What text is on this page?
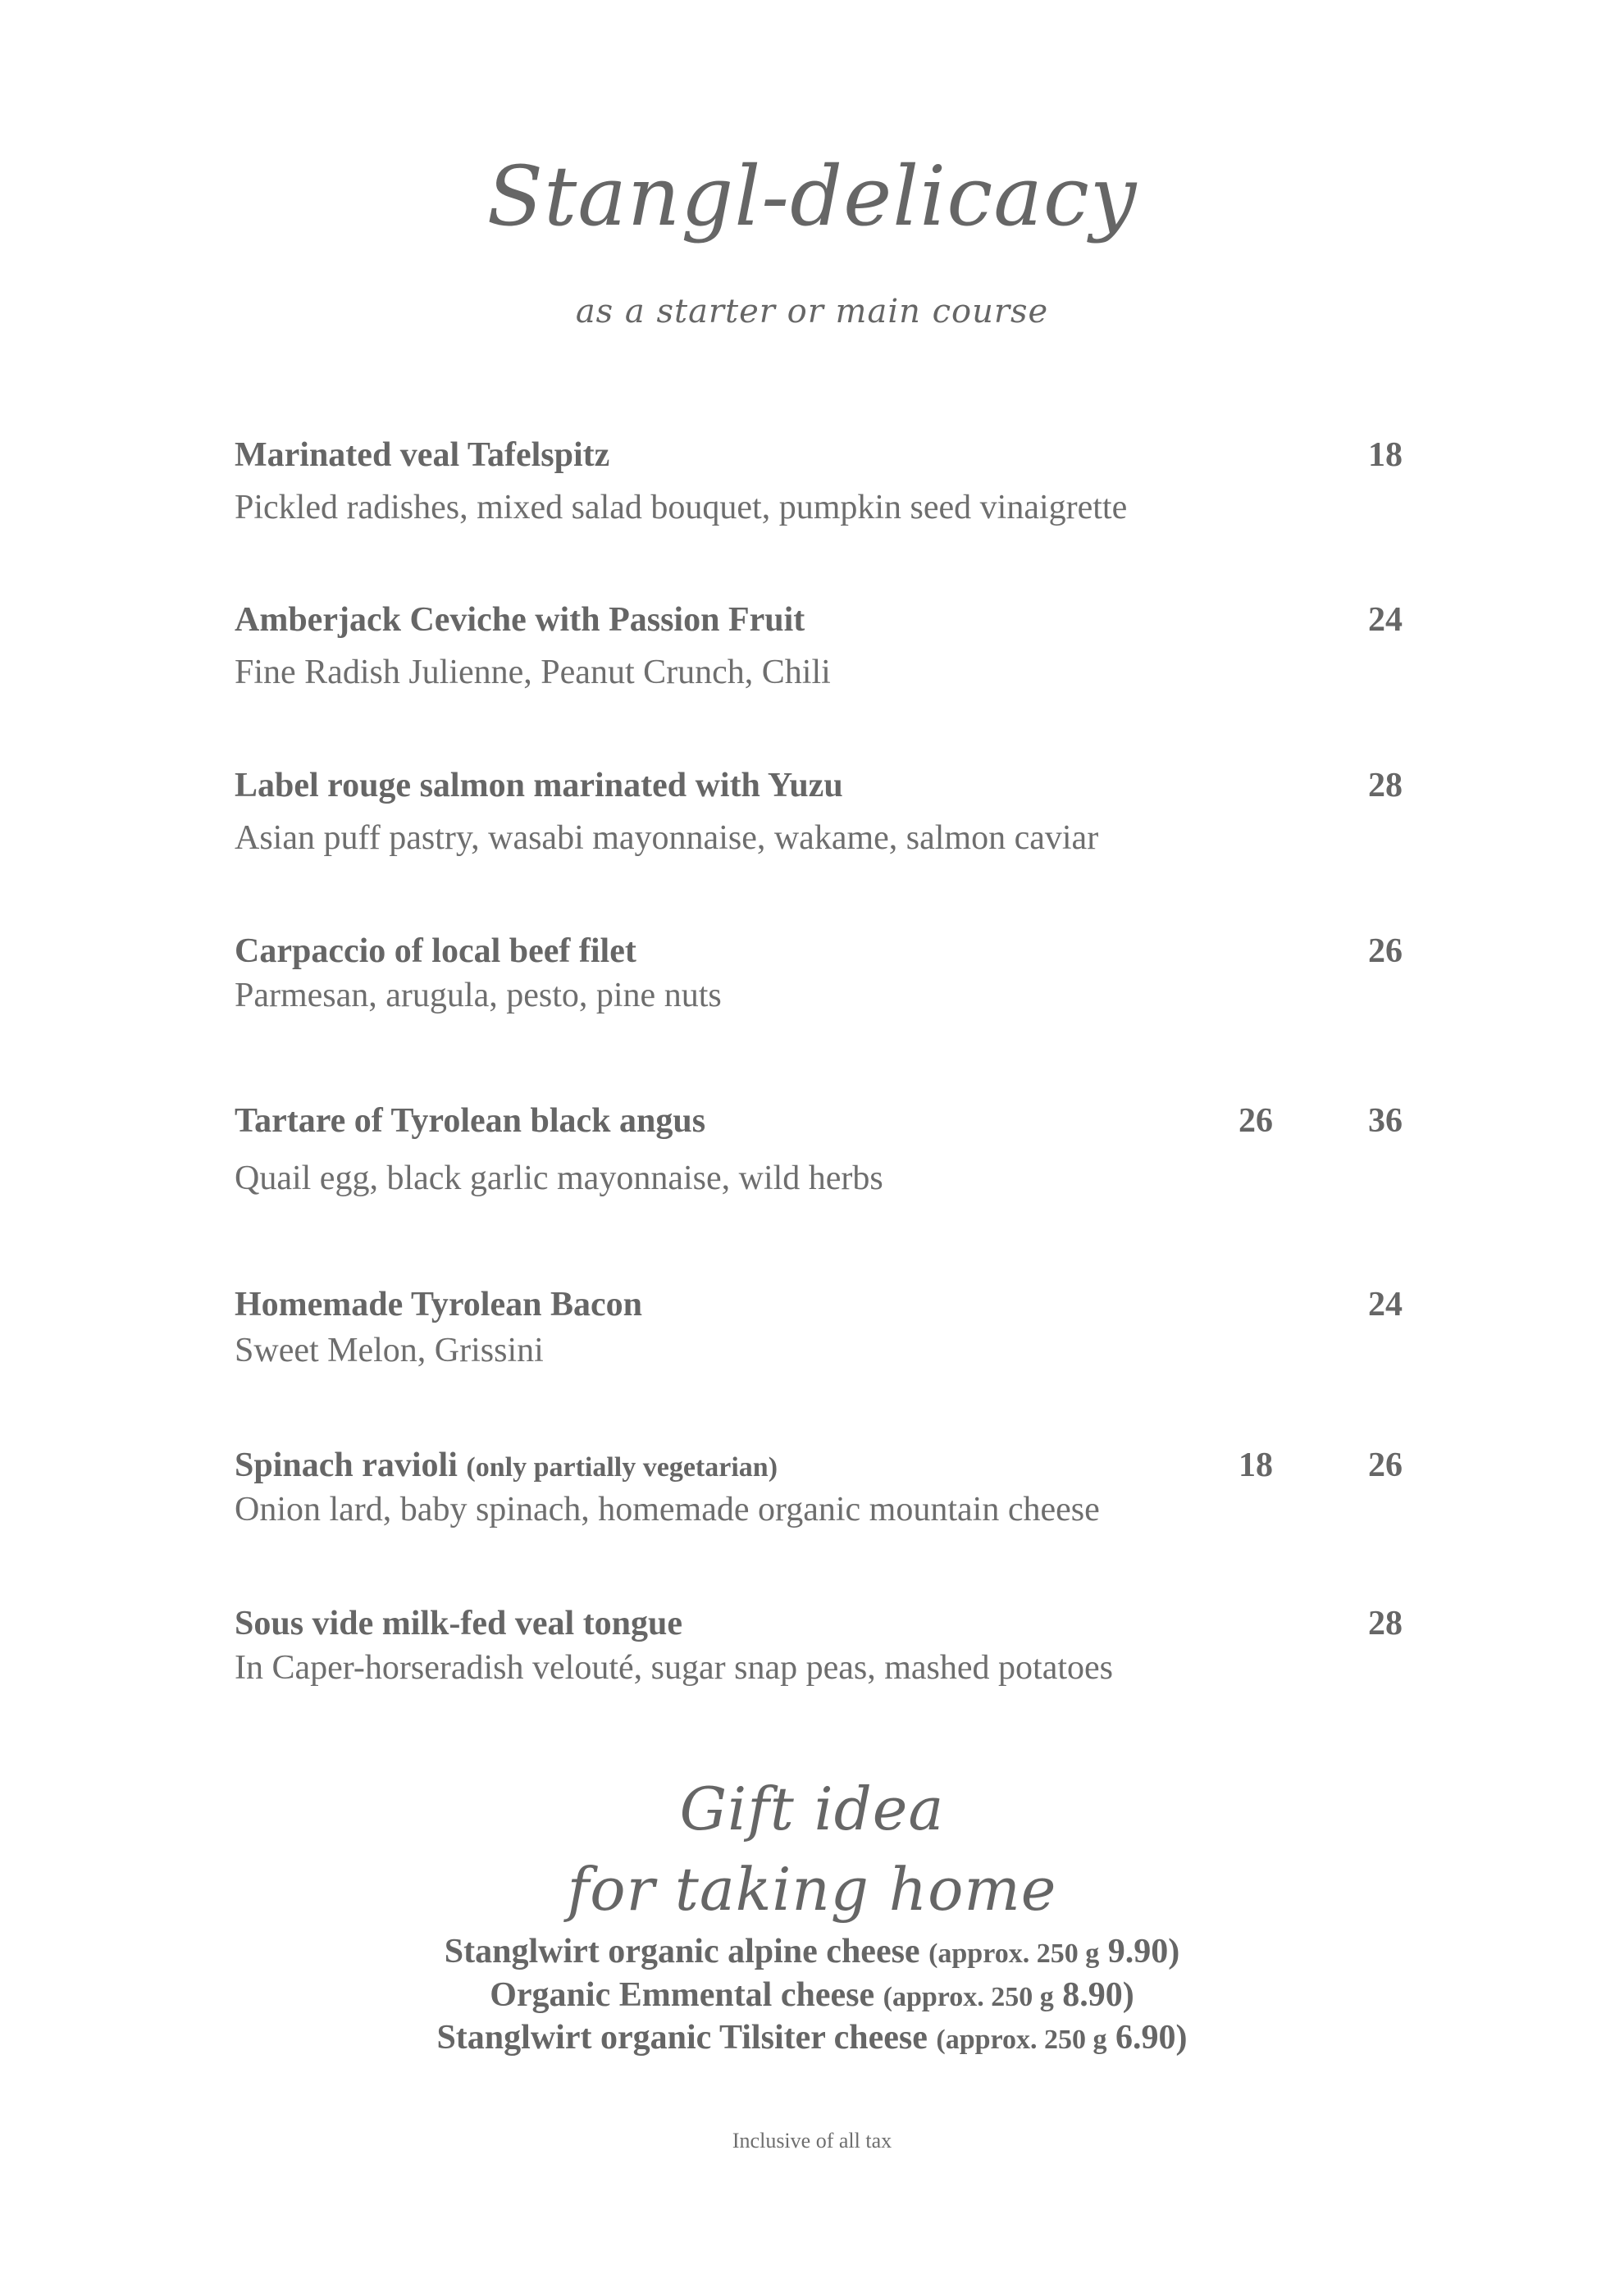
Stangl-delicacy
as a starter or main course
Marinated veal Tafelspitz	18
Pickled radishes, mixed salad bouquet, pumpkin seed vinaigrette
Amberjack Ceviche with Passion Fruit	24
Fine Radish Julienne, Peanut Crunch, Chili
Label rouge salmon marinated with Yuzu	28
Asian puff pastry, wasabi mayonnaise, wakame, salmon caviar
Carpaccio of local beef filet	26
Parmesan, arugula, pesto, pine nuts
Tartare of Tyrolean black angus	26	36
Quail egg, black garlic mayonnaise, wild herbs
Homemade Tyrolean Bacon	24
Sweet Melon, Grissini
Spinach ravioli (only partially vegetarian)	18	26
Onion lard, baby spinach, homemade organic mountain cheese
Sous vide milk-fed veal tongue	28
In Caper-horseradish velouté, sugar snap peas, mashed potatoes
Gift idea
for taking home
Stanglwirt organic alpine cheese (approx. 250 g 9.90)
Organic Emmental cheese (approx. 250 g 8.90)
Stanglwirt organic Tilsiter cheese (approx. 250 g 6.90)
Inclusive of all tax
